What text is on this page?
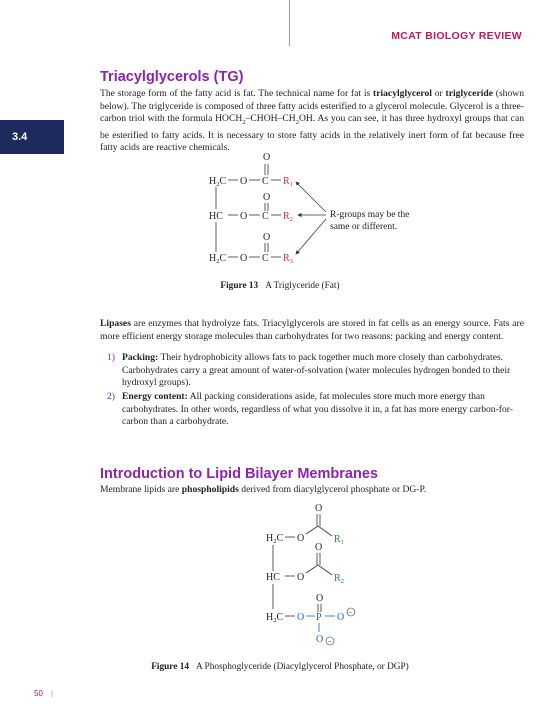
MCAT BIOLOGY REVIEW
3.4
Triacylglycerols (TG)

The storage form of the fatty acid is fat. The technical name for fat is triacylglycerol or triglyceride (shown below). The triglyceride is composed of three fatty acids esterified to a glycerol molecule. Glycerol is a three-carbon triol with the formula $HOCH_2-CHOH-CH_2OH$. As you can see, it has three hydroxyl groups that can be esterified to fatty acids. It is necessary to store fatty acids in the relatively inert form of fat because free fatty acids are reactive chemicals.

O
$H_2C$ O C $R_1$
O
HC O C $R_2$
O
$H_2C$ O C $R_3$
R-groups may be the
same or different.
Figure 13 A Triglyceride (Fat)

Lipases are enzymes that hydrolyze fats. Triacylglycerols are stored in fat cells as an energy source. Fats are more efficient energy storage molecules than carbohydrates for two reasons: packing and energy content.

1) Packing: Their hydrophobicity allows fats to pack together much more closely than carbohydrates. Carbohydrates carry a great amount of water-of-solvation (water molecules hydrogen bonded to their hydroxyl groups).
2) Energy content: All packing considerations aside, fat molecules store much more energy than carbohydrates. In other words, regardless of what you dissolve it in, a fat has more energy carbon-for-carbon than a carbohydrate.
Introduction to Lipid Bilayer Membranes

Membrane lipids are phospholipids derived from diacylglycerol phosphate or DG-P.

O
$H_2C$ O	$R_1$
O
HC O	$R_2$
O
$H_2C$ O P O −
O −
Figure 14 A Phosphoglyceride (Diacylglycerol Phosphate, or DGP)
50 |
